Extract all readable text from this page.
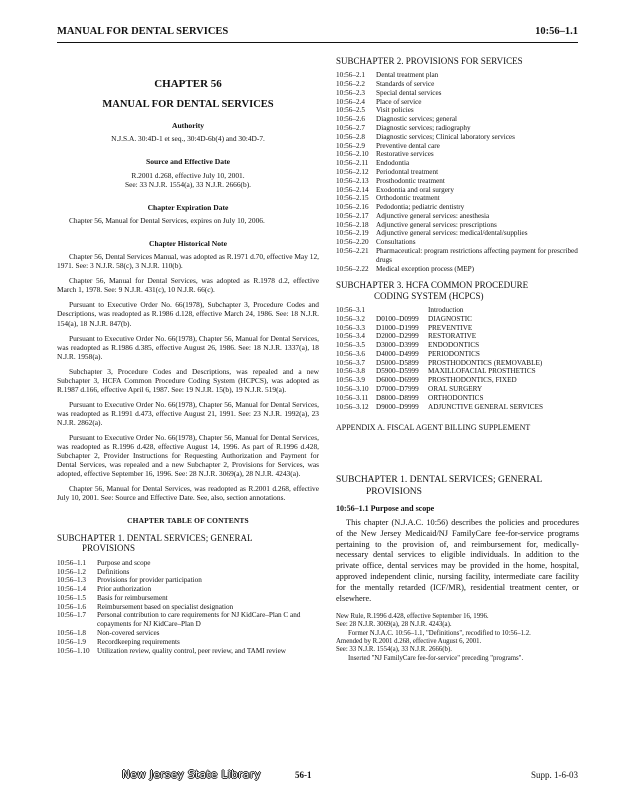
MANUAL FOR DENTAL SERVICES	10:56–1.1
CHAPTER 56
MANUAL FOR DENTAL SERVICES
Authority
N.J.S.A. 30:4D-1 et seq., 30:4D-6b(4) and 30:4D-7.
Source and Effective Date
R.2001 d.268, effective July 10, 2001.
See: 33 N.J.R. 1554(a), 33 N.J.R. 2666(b).
Chapter Expiration Date

Chapter 56, Manual for Dental Services, expires on July 10, 2006.

Chapter Historical Note

Chapter 56, Dental Services Manual, was adopted as R.1971 d.70, effective May 12, 1971. See: 3 N.J.R. 58(c), 3 N.J.R. 110(b).

Chapter 56, Manual for Dental Services, was adopted as R.1978 d.2, effective March 1, 1978. See: 9 N.J.R. 431(c), 10 N.J.R. 66(c).

Pursuant to Executive Order No. 66(1978), Subchapter 3, Procedure Codes and Descriptions, was readopted as R.1986 d.128, effective March 24, 1986. See: 18 N.J.R. 154(a), 18 N.J.R. 847(b).

Pursuant to Executive Order No. 66(1978), Chapter 56, Manual for Dental Services, was readopted as R.1986 d.385, effective August 26, 1986. See: 18 N.J.R. 1337(a), 18 N.J.R. 1958(a).

Subchapter 3, Procedure Codes and Descriptions, was repealed and a new Subchapter 3, HCFA Common Procedure Coding System (HCPCS), was adopted as R.1987 d.166, effective April 6, 1987. See: 19 N.J.R. 15(b), 19 N.J.R. 519(a).

Pursuant to Executive Order No. 66(1978), Chapter 56, Manual for Dental Services, was readopted as R.1991 d.473, effective August 21, 1991. See: 23 N.J.R. 1992(a), 23 N.J.R. 2862(a).

Pursuant to Executive Order No. 66(1978), Chapter 56, Manual for Dental Services, was readopted as R.1996 d.428, effective August 14, 1996. As part of R.1996 d.428, Subchapter 2, Provider Instructions for Requesting Authorization and Payment for Dental Services, was repealed and a new Subchapter 2, Provisions for Services, was adopted, effective September 16, 1996. See: 28 N.J.R. 3069(a), 28 N.J.R. 4243(a).

Chapter 56, Manual for Dental Services, was readopted as R.2001 d.268, effective July 10, 2001. See: Source and Effective Date. See, also, section annotations.

CHAPTER TABLE OF CONTENTS
SUBCHAPTER 1. DENTAL SERVICES; GENERAL
PROVISIONS
10:56–1.1	Purpose and scope
10:56–1.2	Definitions
10:56–1.3	Provisions for provider participation
10:56–1.4	Prior authorization
10:56–1.5	Basis for reimbursement
10:56–1.6	Reimbursement based on specialist designation
10:56–1.7	Personal contribution to care requirements for NJ KidCare–Plan C and copayments for NJ KidCare–Plan D
10:56–1.8	Non-covered services
10:56–1.9	Recordkeeping requirements
10:56–1.10	Utilization review, quality control, peer review, and TAMI review
SUBCHAPTER 2. PROVISIONS FOR SERVICES
10:56–2.1	Dental treatment plan
10:56–2.2	Standards of service
10:56–2.3	Special dental services
10:56–2.4	Place of service
10:56–2.5	Visit policies
10:56–2.6	Diagnostic services; general
10:56–2.7	Diagnostic services; radiography
10:56–2.8	Diagnostic services; Clinical laboratory services
10:56–2.9	Preventive dental care
10:56–2.10	Restorative services
10:56–2.11	Endodontia
10:56–2.12	Periodontal treatment
10:56–2.13	Prosthodontic treatment
10:56–2.14	Exodontia and oral surgery
10:56–2.15	Orthodontic treatment
10:56–2.16	Pedodontia; pediatric dentistry
10:56–2.17	Adjunctive general services: anesthesia
10:56–2.18	Adjunctive general services: prescriptions
10:56–2.19	Adjunctive general services: medical/dental/supplies
10:56–2.20	Consultations
10:56–2.21	Pharmaceutical: program restrictions affecting payment for prescribed drugs
10:56–2.22	Medical exception process (MEP)
SUBCHAPTER 3. HCFA COMMON PROCEDURE
CODING SYSTEM (HCPCS)
10:56–3.1		Introduction
10:56–3.2	D0100–D0999	DIAGNOSTIC
10:56–3.3	D1000–D1999	PREVENTIVE
10:56–3.4	D2000–D2999	RESTORATIVE
10:56–3.5	D3000–D3999	ENDODONTICS
10:56–3.6	D4000–D4999	PERIODONTICS
10:56–3.7	D5000–D5899	PROSTHODONTICS (REMOVABLE)
10:56–3.8	D5900–D5999	MAXILLOFACIAL PROSTHETICS
10:56–3.9	D6000–D6999	PROSTHODONTICS, FIXED
10:56–3.10	D7000–D7999	ORAL SURGERY
10:56–3.11	D8000–D8999	ORTHODONTICS
10:56–3.12	D9000–D9999	ADJUNCTIVE GENERAL SERVICES
APPENDIX A. FISCAL AGENT BILLING SUPPLEMENT
SUBCHAPTER 1. DENTAL SERVICES; GENERAL
PROVISIONS
10:56–1.1 Purpose and scope

This chapter (N.J.A.C. 10:56) describes the policies and procedures of the New Jersey Medicaid/NJ FamilyCare fee-for-service programs pertaining to the provision of, and reimbursement for, medically-necessary dental services to eligible individuals. In addition to the private office, dental services may be provided in the home, hospital, approved independent clinic, nursing facility, intermediate care facility for the mentally retarded (ICF/MR), residential treatment center, or elsewhere.

New Rule, R.1996 d.428, effective September 16, 1996.
See: 28 N.J.R. 3069(a), 28 N.J.R. 4243(a).
Former N.J.A.C. 10:56–1.1, "Definitions", recodified to 10:56–1.2.
Amended by R.2001 d.268, effective August 6, 2001.
See: 33 N.J.R. 1554(a), 33 N.J.R. 2666(b).
Inserted "NJ FamilyCare fee-for-service" preceding "programs".
New Jersey State Library	56-1	Supp. 1-6-03
